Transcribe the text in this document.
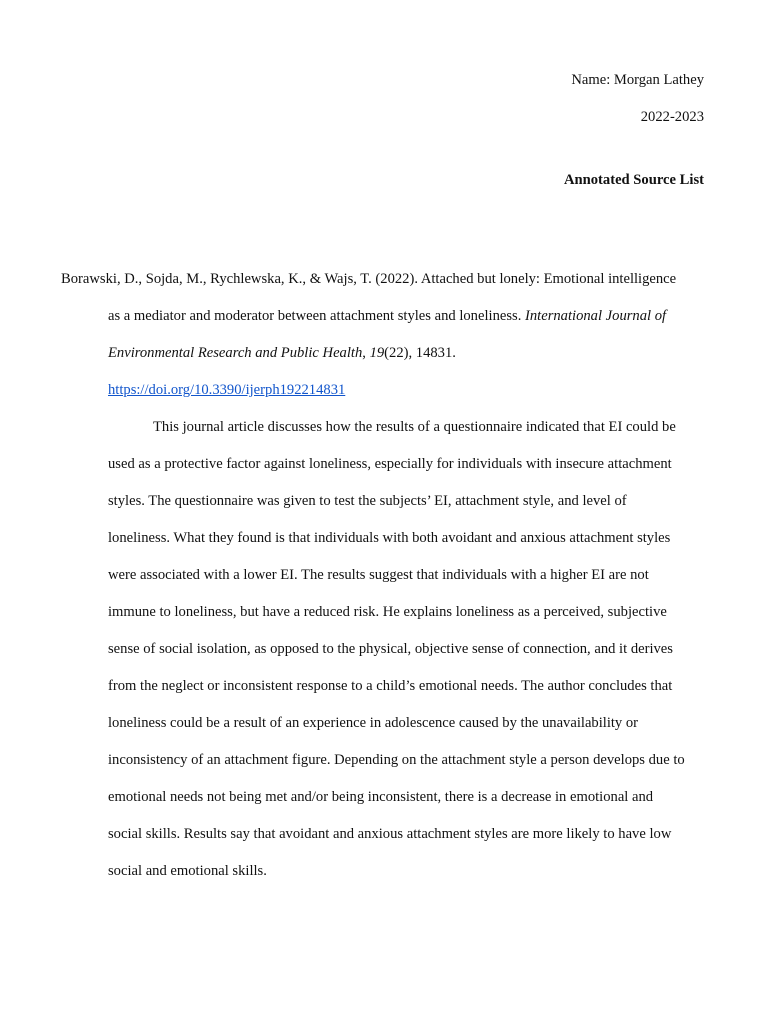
Name: Morgan Lathey
2022-2023
Annotated Source List
Borawski, D., Sojda, M., Rychlewska, K., & Wajs, T. (2022). Attached but lonely: Emotional intelligence
as a mediator and moderator between attachment styles and loneliness. International Journal of
Environmental Research and Public Health, 19(22), 14831.
https://doi.org/10.3390/ijerph192214831
This journal article discusses how the results of a questionnaire indicated that EI could be
used as a protective factor against loneliness, especially for individuals with insecure attachment
styles. The questionnaire was given to test the subjects’ EI, attachment style, and level of
loneliness. What they found is that individuals with both avoidant and anxious attachment styles
were associated with a lower EI. The results suggest that individuals with a higher EI are not
immune to loneliness, but have a reduced risk. He explains loneliness as a perceived, subjective
sense of social isolation, as opposed to the physical, objective sense of connection, and it derives
from the neglect or inconsistent response to a child’s emotional needs. The author concludes that
loneliness could be a result of an experience in adolescence caused by the unavailability or
inconsistency of an attachment figure. Depending on the attachment style a person develops due to
emotional needs not being met and/or being inconsistent, there is a decrease in emotional and
social skills. Results say that avoidant and anxious attachment styles are more likely to have low
social and emotional skills.
